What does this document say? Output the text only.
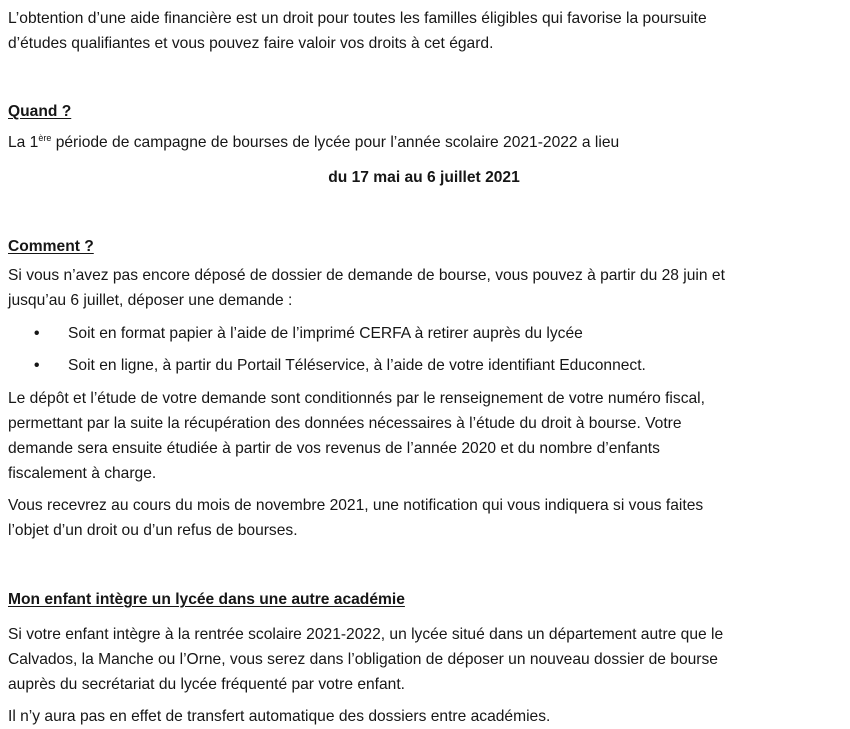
L’obtention d’une aide financière est un droit pour toutes les familles éligibles qui favorise la poursuite

d’études qualifiantes et vous pouvez faire valoir vos droits à cet égard.

Quand ?

La 1ère période de campagne de bourses de lycée pour l’année scolaire 2021-2022 a lieu

du 17 mai au 6 juillet 2021

Comment ?

Si vous n’avez pas encore déposé de dossier de demande de bourse, vous pouvez à partir du 28 juin et

jusqu’au 6 juillet, déposer une demande :

• Soit en format papier à l’aide de l’imprimé CERFA à retirer auprès du lycée
• Soit en ligne, à partir du Portail Téléservice, à l’aide de votre identifiant Educonnect.

Le dépôt et l’étude de votre demande sont conditionnés par le renseignement de votre numéro fiscal,

permettant par la suite la récupération des données nécessaires à l’étude du droit à bourse. Votre

demande sera ensuite étudiée à partir de vos revenus de l’année 2020 et du nombre d’enfants

fiscalement à charge.

Vous recevrez au cours du mois de novembre 2021, une notification qui vous indiquera si vous faites

l’objet d’un droit ou d’un refus de bourses.

Mon enfant intègre un lycée dans une autre académie

Si votre enfant intègre à la rentrée scolaire 2021-2022, un lycée situé dans un département autre que le

Calvados, la Manche ou l’Orne, vous serez dans l’obligation de déposer un nouveau dossier de bourse

auprès du secrétariat du lycée fréquenté par votre enfant.

Il n’y aura pas en effet de transfert automatique des dossiers entre académies.
